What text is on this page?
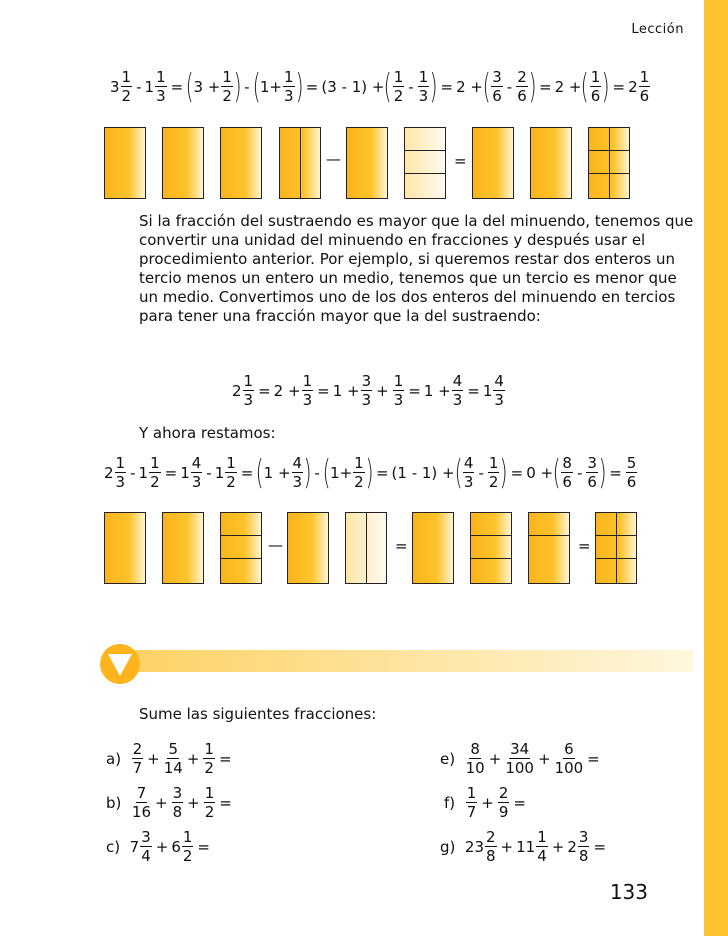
Lección
$3 \frac{1}{2} - 1 \frac{1}{3}$ = ( $3 + \frac{1}{2}$ ) - ( $1+ \frac{1}{3}$ ) = (3 - 1) + ( $\frac{1}{2} - \frac{1}{3}$ ) = 2 + ( $\frac{3}{6} - \frac{2}{6}$ ) = 2 + ( $\frac{1}{6}$ ) = $2 \frac{1}{6}$
—	=
Si la fracción del sustraendo es mayor que la del minuendo, tenemos que convertir una unidad del minuendo en fracciones y después usar el procedimiento anterior. Por ejemplo, si queremos restar dos enteros un tercio menos un entero un medio, tenemos que un tercio es menor que un medio. Convertimos uno de los dos enteros del minuendo en tercios para tener una fracción mayor que la del sustraendo:
$2 \frac{1}{3} = 2 + \frac{1}{3} = 1 + \frac{3}{3} + \frac{1}{3} = 1 + \frac{4}{3} = 1 \frac{4}{3}$
Y ahora restamos:
$2 \frac{1}{3} - 1 \frac{1}{2} = 1 \frac{4}{3} - 1 \frac{1}{2}$ = ( $1 + \frac{4}{3}$ ) - ( $1+ \frac{1}{2}$ ) = (1 - 1) + ( $\frac{4}{3} - \frac{1}{2}$ ) = 0 + ( $\frac{8}{6} - \frac{3}{6}$ ) = $\frac{5}{6}$
—	=	=
Sume las siguientes fracciones:
a)
$\frac{2}{7} + \frac{5}{14} + \frac{1}{2}$ =
b)
$\frac{7}{16} + \frac{3}{8} + \frac{1}{2}$ =
c) $7 \frac{3}{4} + 6 \frac{1}{2}$ =
e)
$\frac{8}{10} + \frac{34}{100} + \frac{6}{100}$ =
f)
$\frac{1}{7} + \frac{2}{9}$ =
g) $23 \frac{2}{8} + 11 \frac{1}{4} + 2 \frac{3}{8}$ =
133
